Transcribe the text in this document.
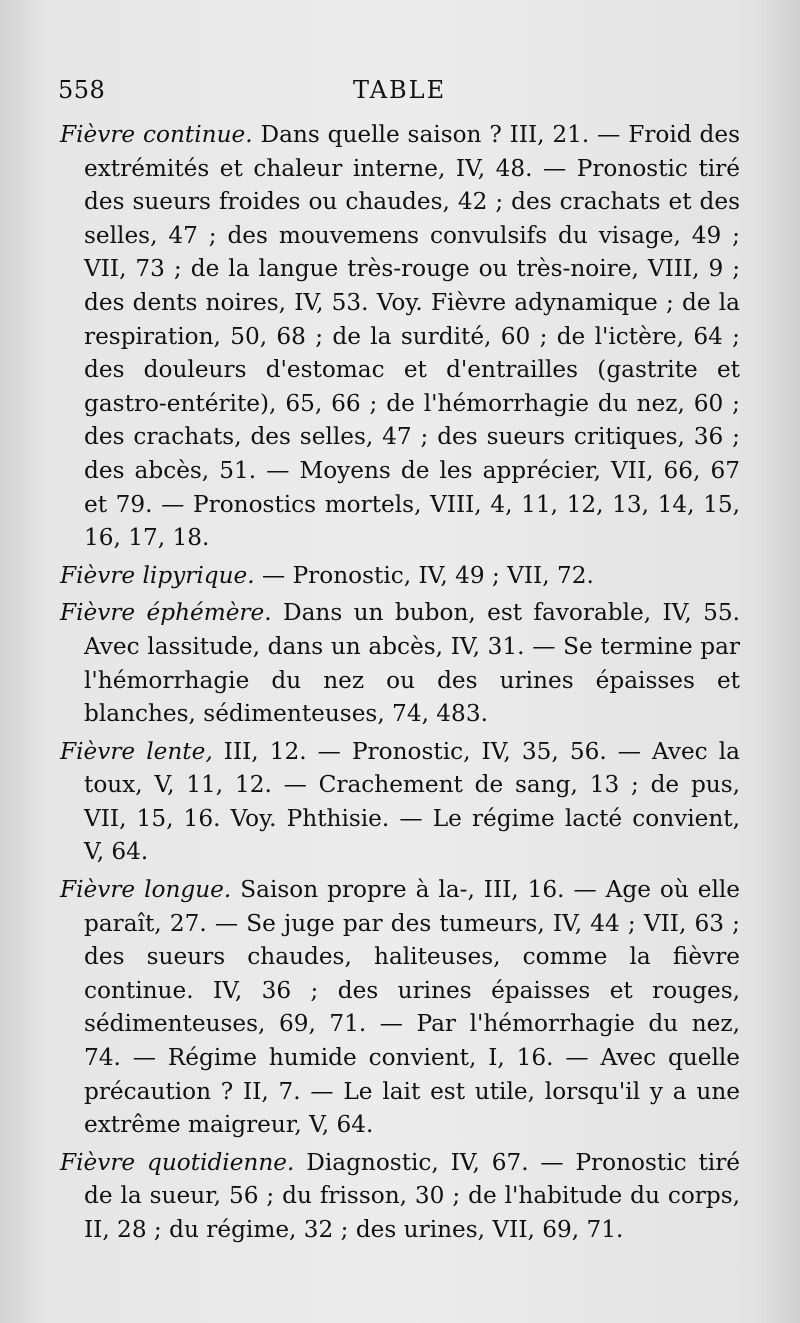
558	TABLE

Fièvre continue. Dans quelle saison ? III, 21. — Froid des extrémités et chaleur interne, IV, 48. — Pronostic tiré des sueurs froides ou chaudes, 42 ; des crachats et des selles, 47 ; des mouvemens convulsifs du visage, 49 ; VII, 73 ; de la langue très-rouge ou très-noire, VIII, 9 ; des dents noires, IV, 53. Voy. Fièvre adynamique ; de la respiration, 50, 68 ; de la surdité, 60 ; de l'ictère, 64 ; des douleurs d'estomac et d'entrailles (gastrite et gastro-entérite), 65, 66 ; de l'hémorrhagie du nez, 60 ; des crachats, des selles, 47 ; des sueurs critiques, 36 ; des abcès, 51. — Moyens de les apprécier, VII, 66, 67 et 79. — Pronostics mortels, VIII, 4, 11, 12, 13, 14, 15, 16, 17, 18.

Fièvre lipyrique. — Pronostic, IV, 49 ; VII, 72.

Fièvre éphémère. Dans un bubon, est favorable, IV, 55. Avec lassitude, dans un abcès, IV, 31. — Se termine par l'hémorrhagie du nez ou des urines épaisses et blanches, sédimenteuses, 74, 483.

Fièvre lente, III, 12. — Pronostic, IV, 35, 56. — Avec la toux, V, 11, 12. — Crachement de sang, 13 ; de pus, VII, 15, 16. Voy. Phthisie. — Le régime lacté convient, V, 64.

Fièvre longue. Saison propre à la-, III, 16. — Age où elle paraît, 27. — Se juge par des tumeurs, IV, 44 ; VII, 63 ; des sueurs chaudes, haliteuses, comme la fièvre continue. IV, 36 ; des urines épaisses et rouges, sédimenteuses, 69, 71. — Par l'hémorrhagie du nez, 74. — Régime humide convient, I, 16. — Avec quelle précaution ? II, 7. — Le lait est utile, lorsqu'il y a une extrême maigreur, V, 64.

Fièvre quotidienne. Diagnostic, IV, 67. — Pronostic tiré de la sueur, 56 ; du frisson, 30 ; de l'habitude du corps, II, 28 ; du régime, 32 ; des urines, VII, 69, 71.
